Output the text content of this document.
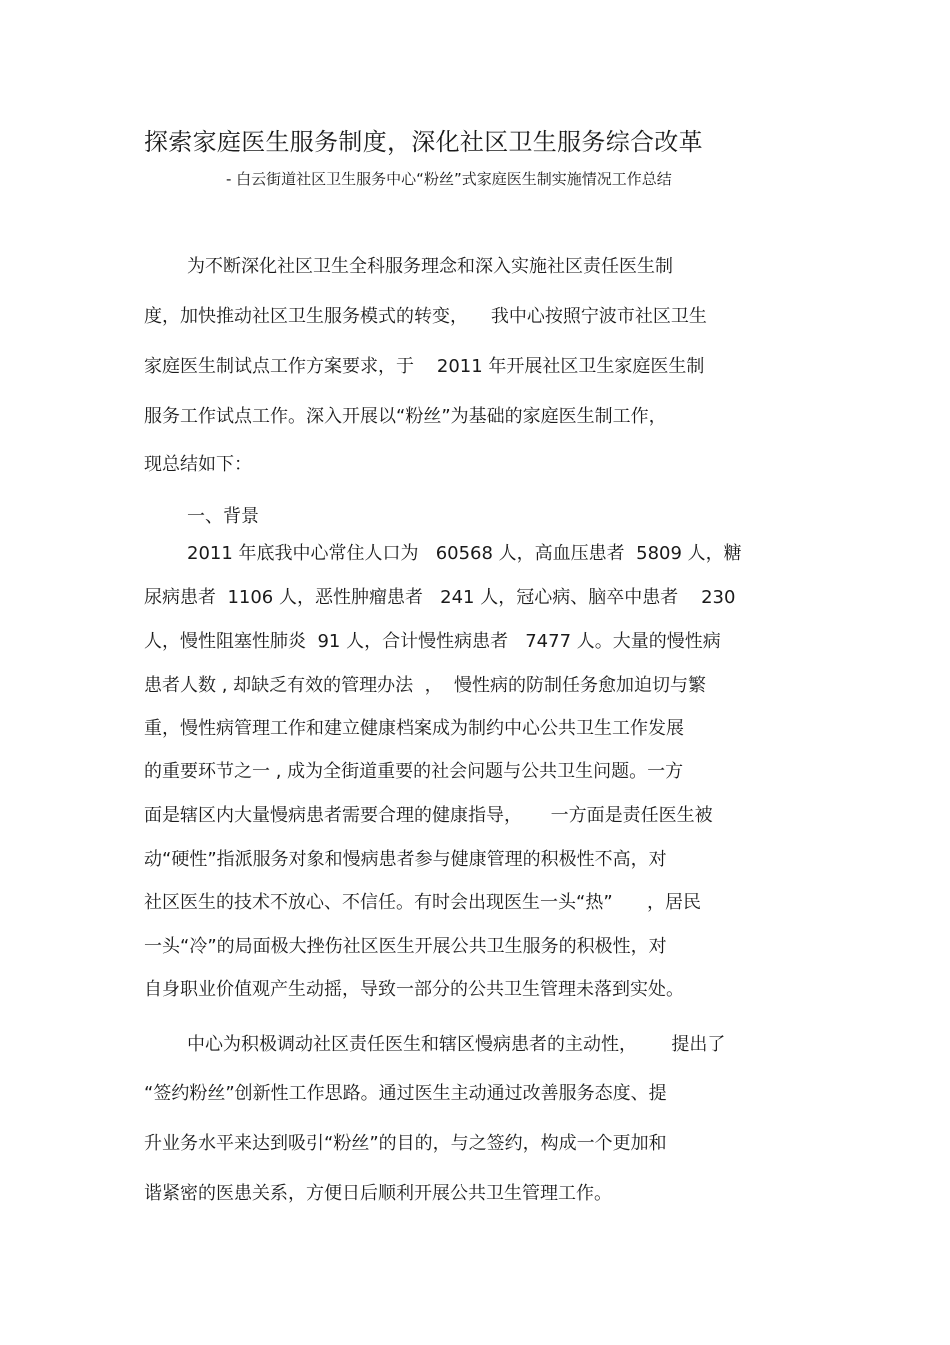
探索家庭医生服务制度，深化社区卫生服务综合改革
- 白云街道社区卫生服务中心“粉丝”式家庭医生制实施情况工作总结
为不断深化社区卫生全科服务理念和深入实施社区责任医生制
度，加快推动社区卫生服务模式的转变，    我中心按照宁波市社区卫生
家庭医生制试点工作方案要求，于    2011 年开展社区卫生家庭医生制
服务工作试点工作。深入开展以“粉丝”为基础的家庭医生制工作，
现总结如下：
一、背景
2011 年底我中心常住人口为   60568 人，高血压患者  5809 人，糖
尿病患者  1106 人，恶性肿瘤患者   241 人，冠心病、脑卒中患者    230
人，慢性阻塞性肺炎  91 人，合计慢性病患者   7477 人。大量的慢性病
患者人数 , 却缺乏有效的管理办法  ，  慢性病的防制任务愈加迫切与繁
重，慢性病管理工作和建立健康档案成为制约中心公共卫生工作发展
的重要环节之一 , 成为全街道重要的社会问题与公共卫生问题。一方
面是辖区内大量慢病患者需要合理的健康指导，     一方面是责任医生被
动“硬性”指派服务对象和慢病患者参与健康管理的积极性不高，对
社区医生的技术不放心、不信任。有时会出现医生一头“热”      ，居民
一头“冷”的局面极大挫伤社区医生开展公共卫生服务的积极性，对
自身职业价值观产生动摇，导致一部分的公共卫生管理未落到实处。
中心为积极调动社区责任医生和辖区慢病患者的主动性，      提出了
“签约粉丝”创新性工作思路。通过医生主动通过改善服务态度、提
升业务水平来达到吸引“粉丝”的目的，与之签约，构成一个更加和
谐紧密的医患关系，方便日后顺利开展公共卫生管理工作。
